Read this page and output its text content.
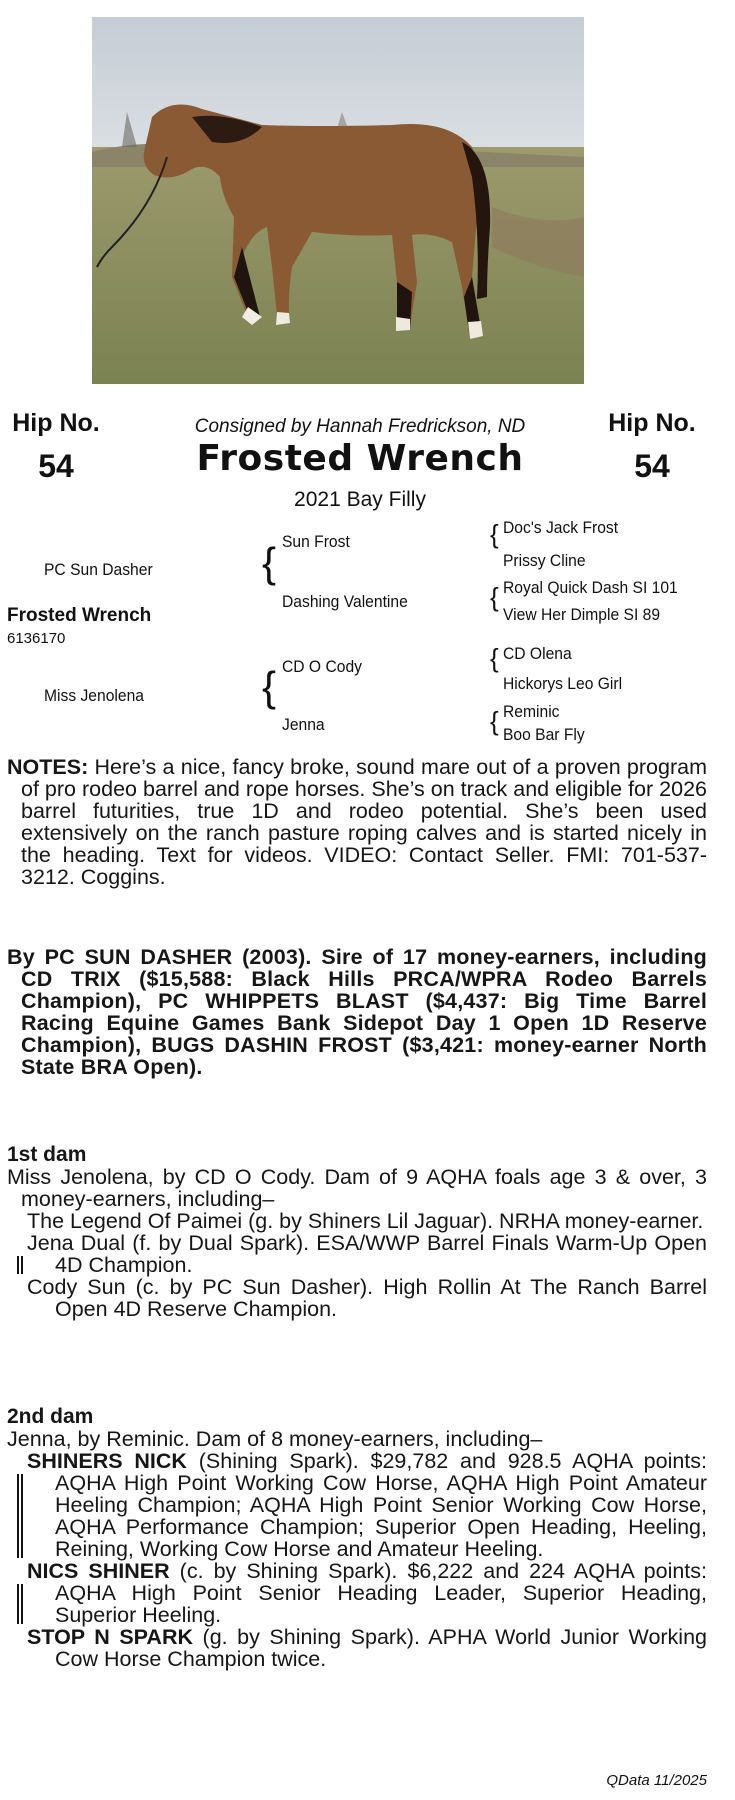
Hip No.
54
Hip No.
54
Consigned by Hannah Fredrickson, ND
Frosted Wrench
2021 Bay Filly
PC Sun Dasher
Frosted Wrench
6136170
Miss Jenolena
{
{
Sun Frost
Dashing Valentine
CD O Cody
Jenna
{
{
{
{
Doc's Jack Frost
Prissy Cline
Royal Quick Dash SI 101
View Her Dimple SI 89
CD Olena
Hickorys Leo Girl
Reminic
Boo Bar Fly

NOTES: Here’s a nice, fancy broke, sound mare out of a proven program of pro rodeo barrel and rope horses. She’s on track and eligible for 2026 barrel futurities, true 1D and rodeo potential. She’s been used extensively on the ranch pasture roping calves and is started nicely in the heading. Text for videos. VIDEO: Contact Seller. FMI: 701-537-3212. Coggins.

By PC SUN DASHER (2003). Sire of 17 money-earners, including CD TRIX ($15,588: Black Hills PRCA/WPRA Rodeo Barrels Champion), PC WHIPPETS BLAST ($4,437: Big Time Barrel Racing Equine Games Bank Sidepot Day 1 Open 1D Reserve Champion), BUGS DASHIN FROST ($3,421: money-earner North State BRA Open).

1st dam

Miss Jenolena, by CD O Cody. Dam of 9 AQHA foals age 3 & over, 3 money-earners, including–

The Legend Of Paimei (g. by Shiners Lil Jaguar). NRHA money-earner.

Jena Dual (f. by Dual Spark). ESA/WWP Barrel Finals Warm-Up Open 4D Champion.

Cody Sun (c. by PC Sun Dasher). High Rollin At The Ranch Barrel Open 4D Reserve Champion.

2nd dam

Jenna, by Reminic. Dam of 8 money-earners, including–

SHINERS NICK (Shining Spark). $29,782 and 928.5 AQHA points: AQHA High Point Working Cow Horse, AQHA High Point Amateur Heeling Champion; AQHA High Point Senior Working Cow Horse, AQHA Performance Champion; Superior Open Heading, Heeling, Reining, Working Cow Horse and Amateur Heeling.

NICS SHINER (c. by Shining Spark). $6,222 and 224 AQHA points: AQHA High Point Senior Heading Leader, Superior Heading, Superior Heeling.

STOP N SPARK (g. by Shining Spark). APHA World Junior Working Cow Horse Champion twice.

QData 11/2025
